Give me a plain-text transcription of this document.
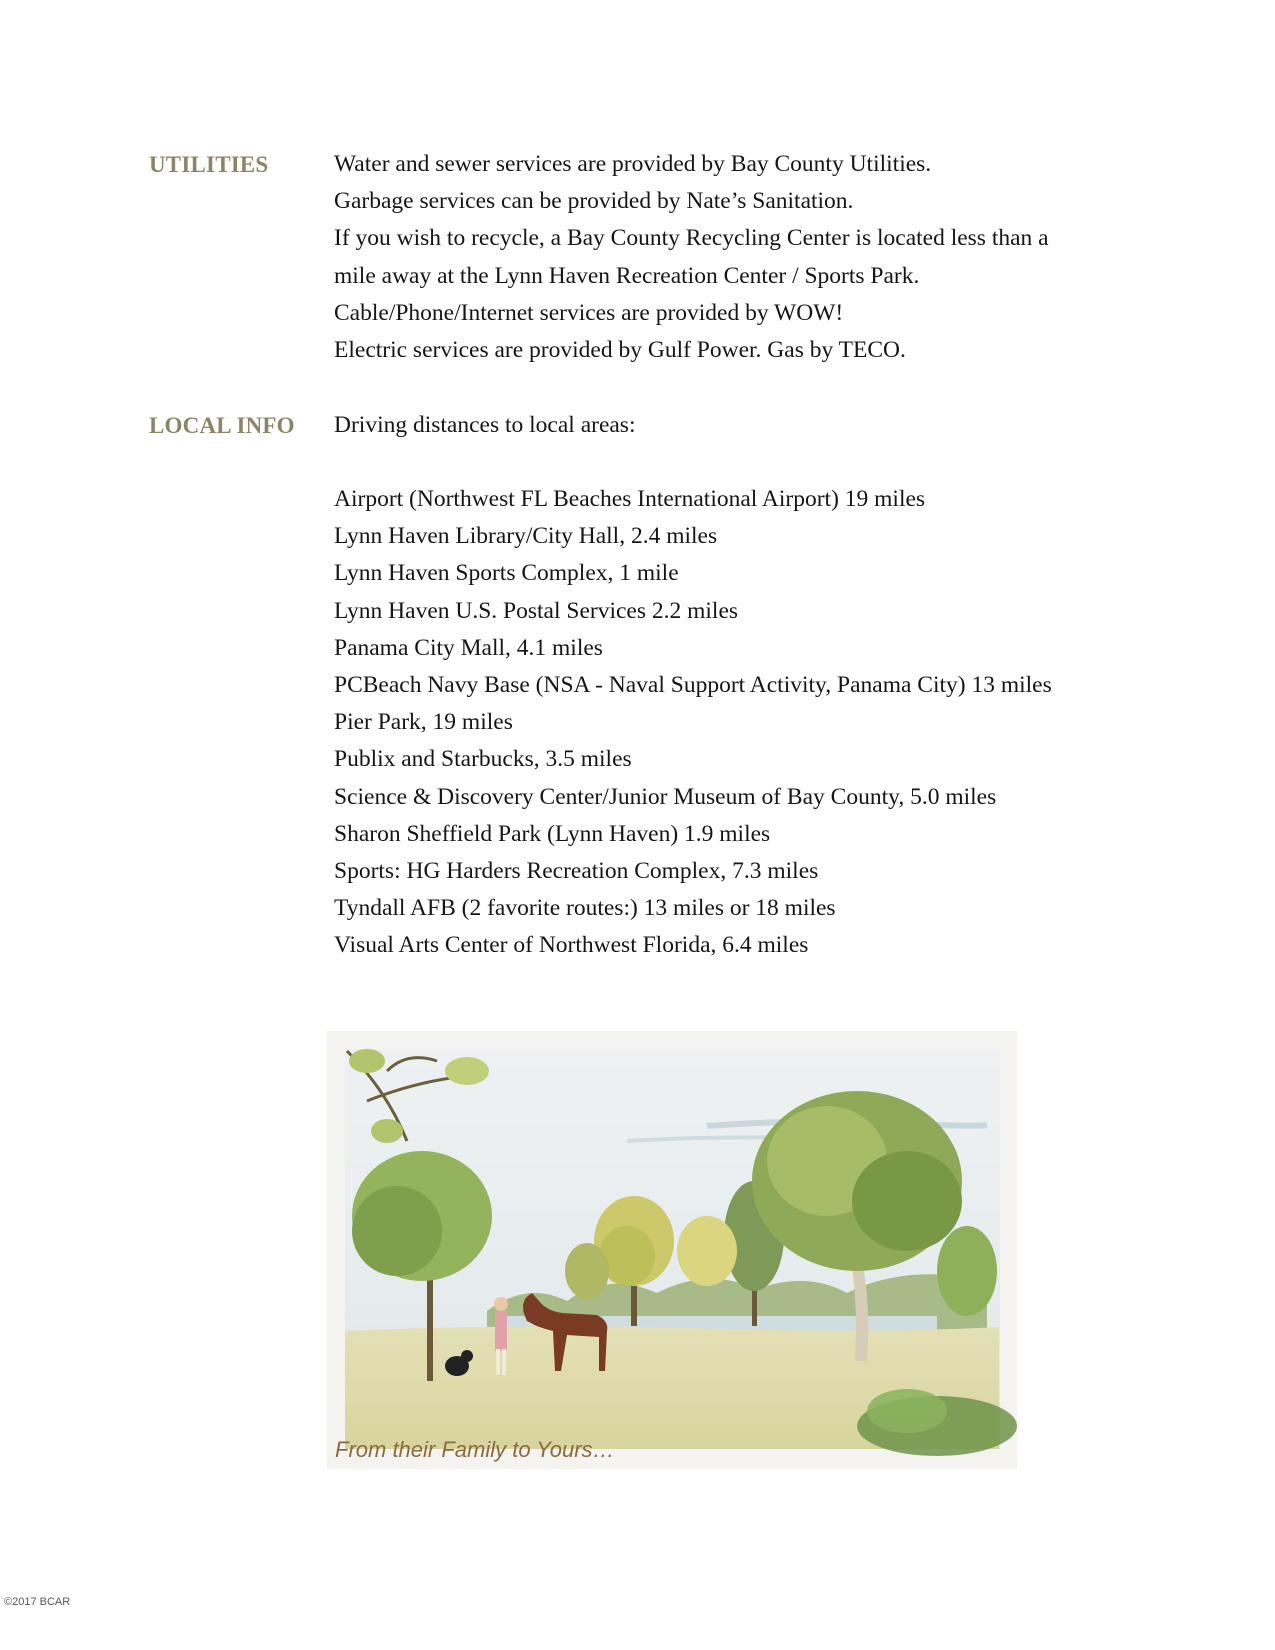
UTILITIES	Water and sewer services are provided by Bay County Utilities.
Garbage services can be provided by Nate’s Sanitation.
If you wish to recycle, a Bay County Recycling Center is located less than a
mile away at the Lynn Haven Recreation Center / Sports Park.
Cable/Phone/Internet services are provided by WOW!
Electric services are provided by Gulf Power. Gas by TECO.
LOCAL INFO Driving distances to local areas:
Airport (Northwest FL Beaches International Airport) 19 miles
Lynn Haven Library/City Hall, 2.4 miles
Lynn Haven Sports Complex, 1 mile
Lynn Haven U.S. Postal Services 2.2 miles
Panama City Mall, 4.1 miles
PCBeach Navy Base (NSA - Naval Support Activity, Panama City) 13 miles
Pier Park, 19 miles
Publix and Starbucks, 3.5 miles
Science & Discovery Center/Junior Museum of Bay County, 5.0 miles
Sharon Sheffield Park (Lynn Haven) 1.9 miles
Sports: HG Harders Recreation Complex, 7.3 miles
Tyndall AFB (2 favorite routes:) 13 miles or 18 miles
Visual Arts Center of Northwest Florida, 6.4 miles
From their Family to Yours…
©2017 BCAR
